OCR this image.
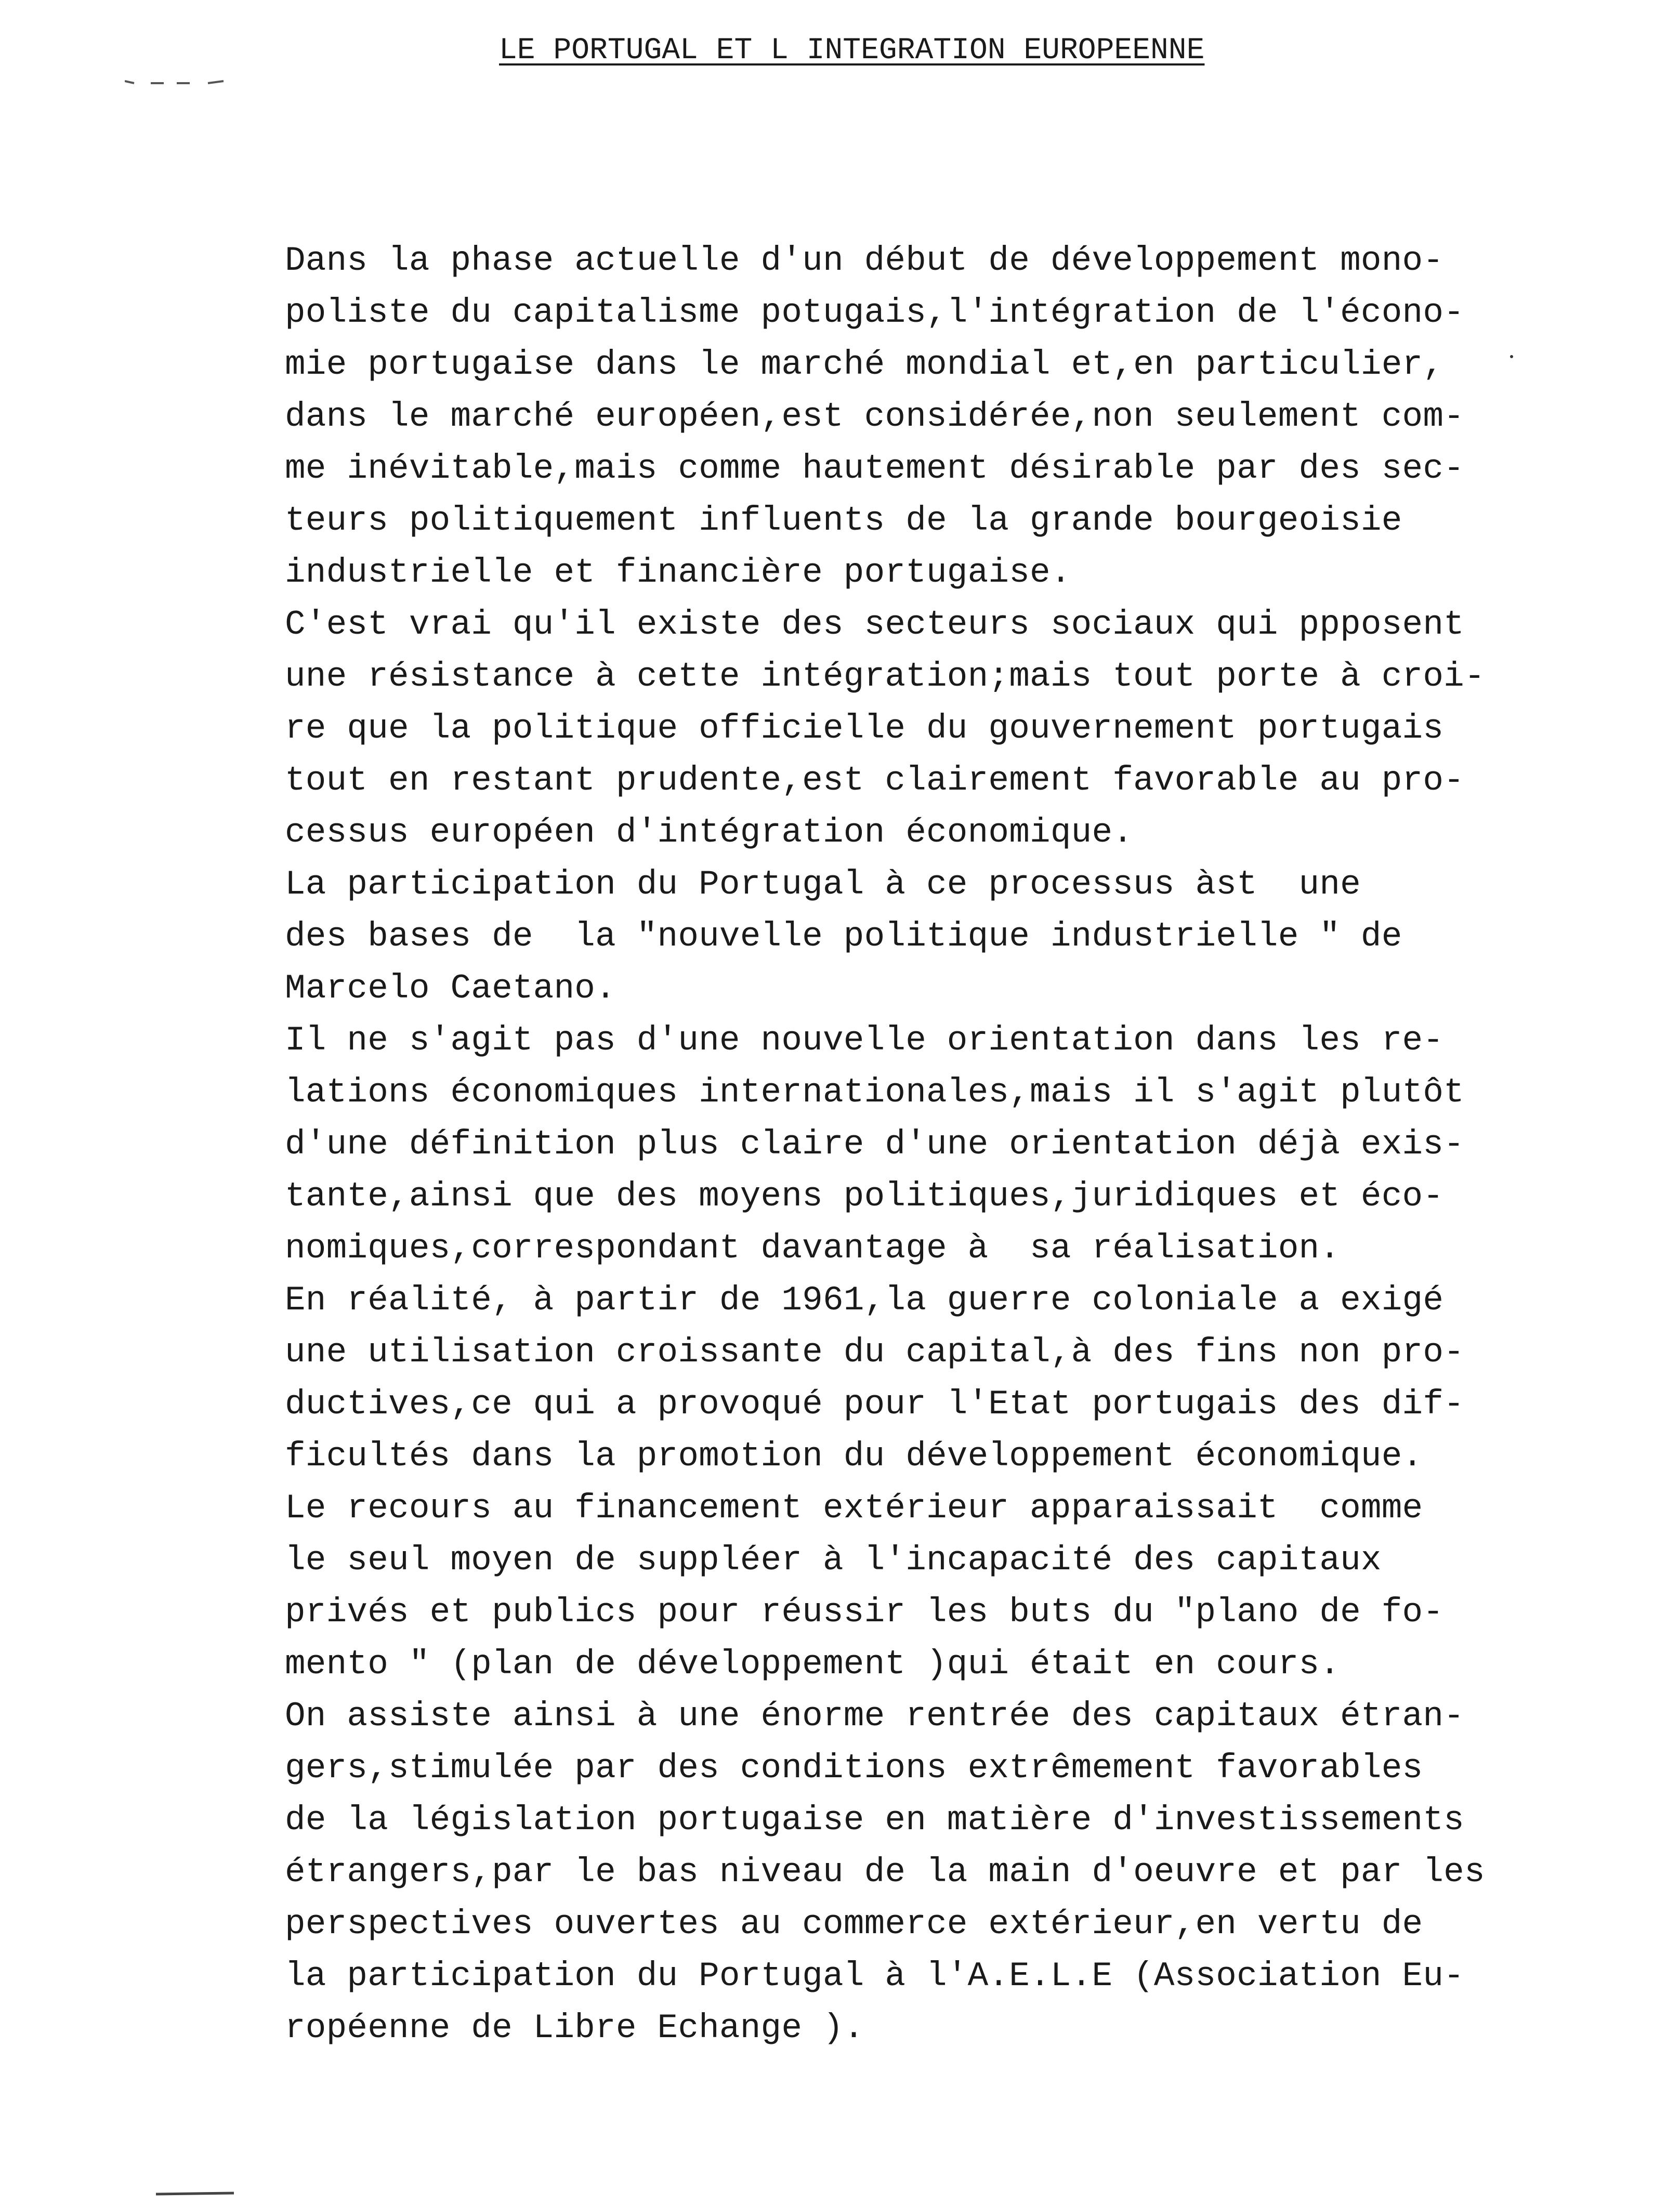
LE PORTUGAL ET L INTEGRATION EUROPEENNE
Dans la phase actuelle d'un début de développement mono-
poliste du capitalisme potugais,l'intégration de l'écono-
mie portugaise dans le marché mondial et,en particulier,
dans le marché européen,est considérée,non seulement com-
me inévitable,mais comme hautement désirable par des sec-
teurs politiquement influents de la grande bourgeoisie
industrielle et financière portugaise.
C'est vrai qu'il existe des secteurs sociaux qui ppposent
une résistance à cette intégration;mais tout porte à croi-
re que la politique officielle du gouvernement portugais
tout en restant prudente,est clairement favorable au pro-
cessus européen d'intégration économique.
La participation du Portugal à ce processus àst  une
des bases de  la "nouvelle politique industrielle " de
Marcelo Caetano.
Il ne s'agit pas d'une nouvelle orientation dans les re-
lations économiques internationales,mais il s'agit plutôt
d'une définition plus claire d'une orientation déjà exis-
tante,ainsi que des moyens politiques,juridiques et éco-
nomiques,correspondant davantage à  sa réalisation.
En réalité, à partir de 1961,la guerre coloniale a exigé
une utilisation croissante du capital,à des fins non pro-
ductives,ce qui a provoqué pour l'Etat portugais des dif-
ficultés dans la promotion du développement économique.
Le recours au financement extérieur apparaissait  comme
le seul moyen de suppléer à l'incapacité des capitaux
privés et publics pour réussir les buts du "plano de fo-
mento " (plan de développement )qui était en cours.
On assiste ainsi à une énorme rentrée des capitaux étran-
gers,stimulée par des conditions extrêmement favorables
de la législation portugaise en matière d'investissements
étrangers,par le bas niveau de la main d'oeuvre et par les
perspectives ouvertes au commerce extérieur,en vertu de
la participation du Portugal à l'A.E.L.E (Association Eu-
ropéenne de Libre Echange ).
